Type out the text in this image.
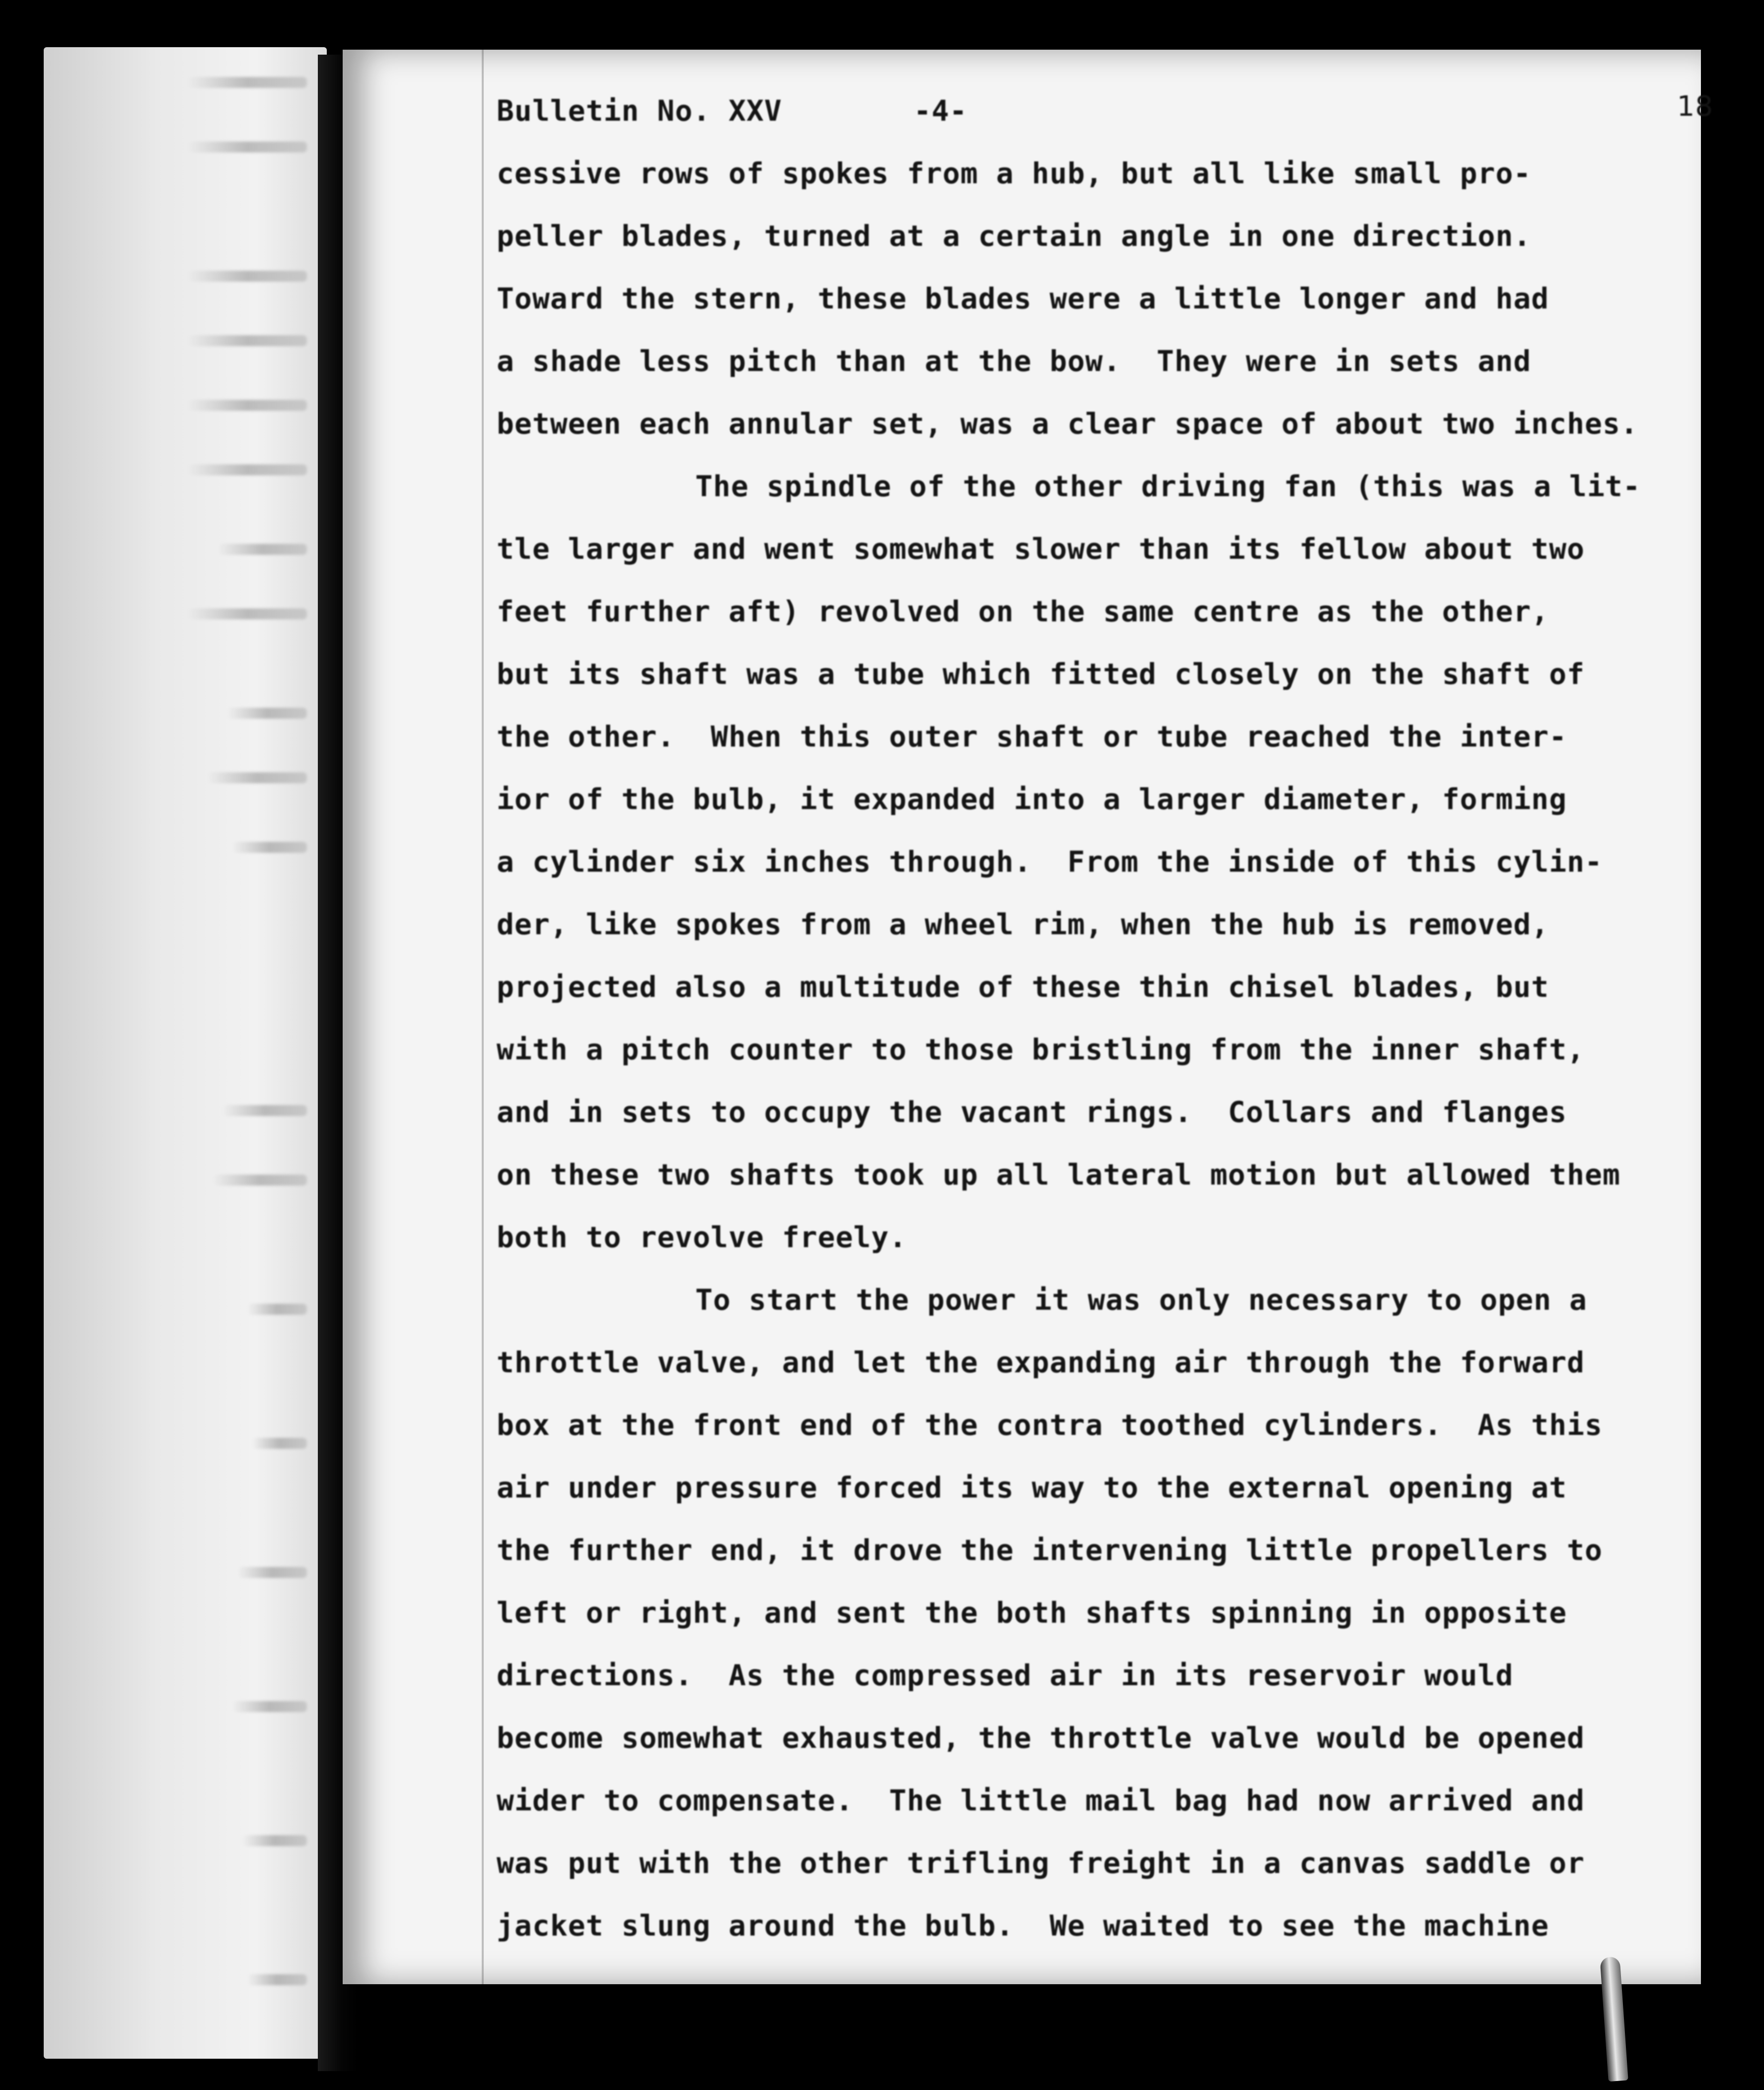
Bulletin No. XXV

	-4-

	18

cessive rows of spokes from a hub, but all like small pro-
peller blades, turned at a certain angle in one direction.
Toward the stern, these blades were a little longer and had
a shade less pitch than at the bow.  They were in sets and
between each annular set, was a clear space of about two inches.
The spindle of the other driving fan (this was a lit-
tle larger and went somewhat slower than its fellow about two
feet further aft) revolved on the same centre as the other,
but its shaft was a tube which fitted closely on the shaft of
the other.  When this outer shaft or tube reached the inter-
ior of the bulb, it expanded into a larger diameter, forming
a cylinder six inches through.  From the inside of this cylin-
der, like spokes from a wheel rim, when the hub is removed,
projected also a multitude of these thin chisel blades, but
with a pitch counter to those bristling from the inner shaft,
and in sets to occupy the vacant rings.  Collars and flanges
on these two shafts took up all lateral motion but allowed them
both to revolve freely.
To start the power it was only necessary to open a
throttle valve, and let the expanding air through the forward
box at the front end of the contra toothed cylinders.  As this
air under pressure forced its way to the external opening at
the further end, it drove the intervening little propellers to
left or right, and sent the both shafts spinning in opposite
directions.  As the compressed air in its reservoir would
become somewhat exhausted, the throttle valve would be opened
wider to compensate.  The little mail bag had now arrived and
was put with the other trifling freight in a canvas saddle or
jacket slung around the bulb.  We waited to see the machine
